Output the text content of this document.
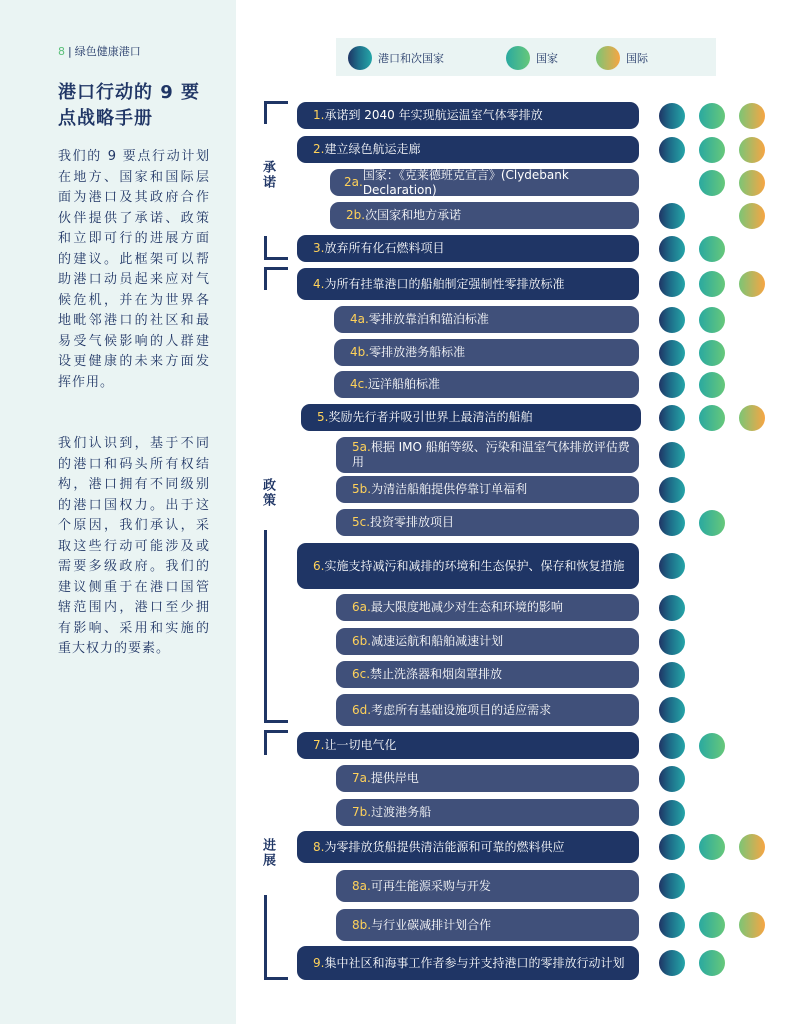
8 | 绿色健康港口
港口行动的 9 要点战略手册
我们的 9 要点行动计划在地方、国家和国际层面为港口及其政府合作伙伴提供了承诺、政策和立即可行的进展方面的建议。此框架可以帮助港口动员起来应对气候危机，并在为世界各地毗邻港口的社区和最易受气候影响的人群建设更健康的未来方面发挥作用。
我们认识到，基于不同的港口和码头所有权结构，港口拥有不同级别的港口国权力。出于这个原因，我们承认，采取这些行动可能涉及或需要多级政府。我们的建议侧重于在港口国管辖范围内，港口至少拥有影响、采用和实施的重大权力的要素。
港口和次国家	国家	国际
承诺
政策
进展
1. 承诺到 2040 年实现航运温室气体零排放
2. 建立绿色航运走廊
2a.
国家：《克莱德班克宣言》(Clydebank Declaration)
2b. 次国家和地方承诺
3. 放弃所有化石燃料项目
4. 为所有挂靠港口的船舶制定强制性零排放标准
4a. 零排放靠泊和锚泊标准
4b. 零排放港务船标准
4c. 远洋船舶标准
5. 奖励先行者并吸引世界上最清洁的船舶
5a.根据 IMO 船舶等级、污染和温室气体排放评估费用
5b. 为清洁船舶提供停靠订单福利
5c. 投资零排放项目
6.实施支持减污和减排的环境和生态保护、保存和恢复措施
6a. 最大限度地减少对生态和环境的影响
6b. 减速运航和船舶减速计划
6c. 禁止洗涤器和烟囱罩排放
6d. 考虑所有基础设施项目的适应需求
7. 让一切电气化
7a. 提供岸电
7b. 过渡港务船
8. 为零排放货船提供清洁能源和可靠的燃料供应
8a. 可再生能源采购与开发
8b. 与行业碳减排计划合作
9.集中社区和海事工作者参与并支持港口的零排放行动计划
